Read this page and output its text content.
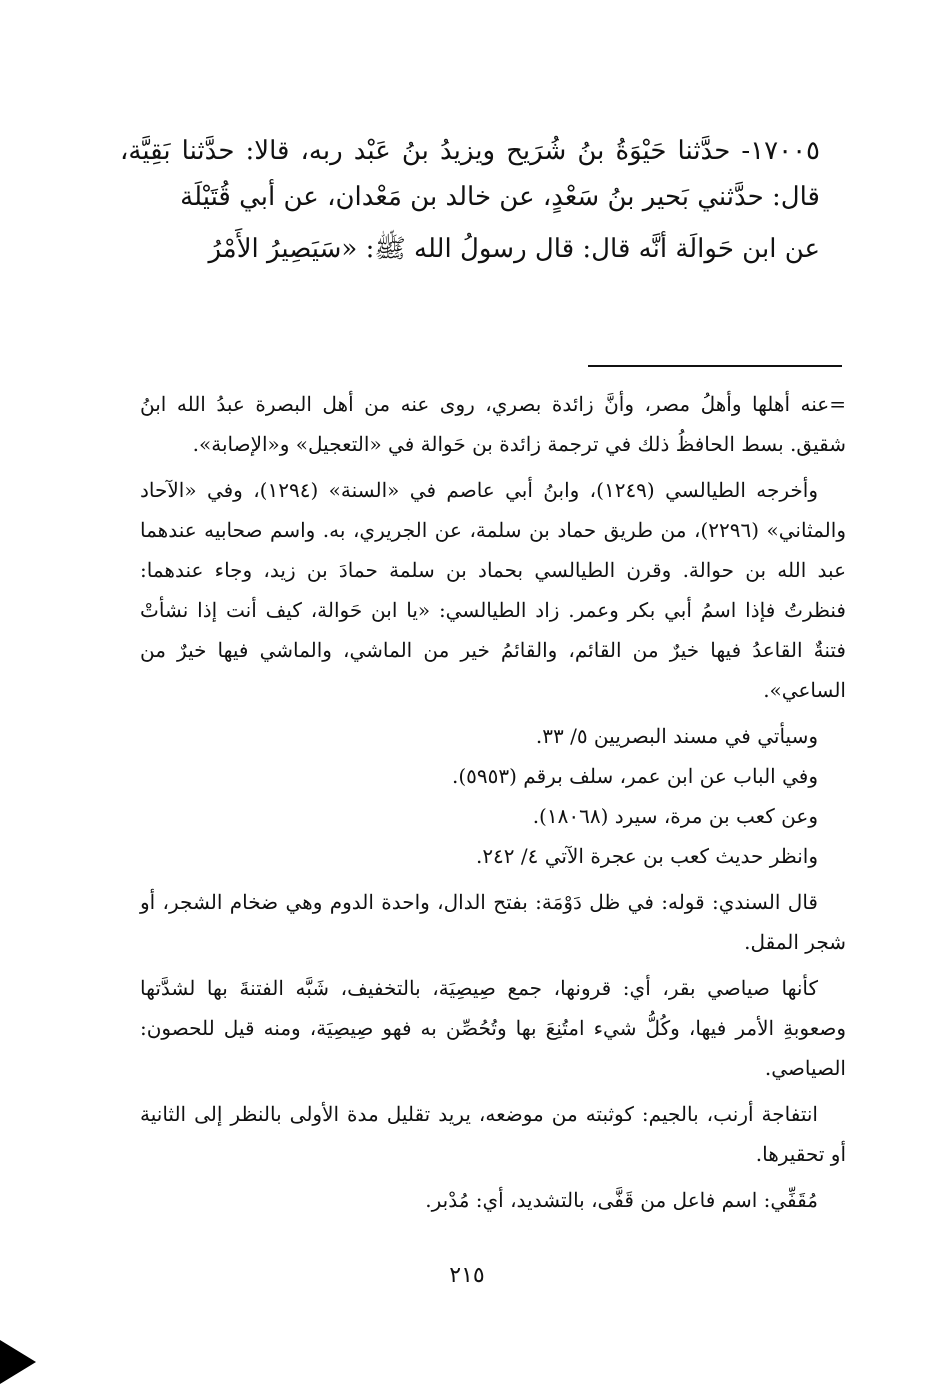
١٧٠٠٥- حدَّثنا حَيْوَةُ بنُ شُرَيح ويزيدُ بنُ عَبْد ربه، قالا: حدَّثنا بَقِيَّة، قال: حدَّثني بَحير بنُ سَعْدٍ، عن خالد بن مَعْدان، عن أبي قُتَيْلَة

عن ابن حَوالَة أنَّه قال: قال رسولُ الله ﷺ: «سَيَصِيرُ الأَمْرُ

=عنه أهلها وأهلُ مصر، وأنَّ زائدة بصري، روى عنه من أهل البصرة عبدُ الله ابنُ شقيق. بسط الحافظُ ذلك في ترجمة زائدة بن حَوالة في «التعجيل» و«الإصابة».

وأخرجه الطيالسي (١٢٤٩)، وابنُ أبي عاصم في «السنة» (١٢٩٤)، وفي «الآحاد والمثاني» (٢٢٩٦)، من طريق حماد بن سلمة، عن الجريري، به. واسم صحابيه عندهما عبد الله بن حوالة. وقرن الطيالسي بحماد بن سلمة حمادَ بن زيد، وجاء عندهما: فنظرتُ فإذا اسمُ أبي بكر وعمر. زاد الطيالسي: «يا ابن حَوالة، كيف أنت إذا نشأتْ فتنةٌ القاعدُ فيها خيرٌ من القائم، والقائمُ خير من الماشي، والماشي فيها خيرٌ من الساعي».

وسيأتي في مسند البصريين ٥/ ٣٣.

وفي الباب عن ابن عمر، سلف برقم (٥٩٥٣).

وعن كعب بن مرة، سيرد (١٨٠٦٨).

وانظر حديث كعب بن عجرة الآتي ٤/ ٢٤٢.

قال السندي: قوله: في ظل دَوْمَة: بفتح الدال، واحدة الدوم وهي ضخام الشجر، أو شجر المقل.

كأنها صياصي بقر، أي: قرونها، جمع صِيصِيَة، بالتخفيف، شَبَّه الفتنةَ بها لشدَّتها وصعوبةِ الأمر فيها، وكُلُّ شيء امتُنِعَ بها وتُحُصِّن به فهو صِيصِيَة، ومنه قيل للحصون: الصياصي.

انتفاجة أرنب، بالجيم: كوثبته من موضعه، يريد تقليل مدة الأولى بالنظر إلى الثانية أو تحقيرها.

مُقَفِّي: اسم فاعل من قَفَّى، بالتشديد، أي: مُدْبر.

٢١٥
